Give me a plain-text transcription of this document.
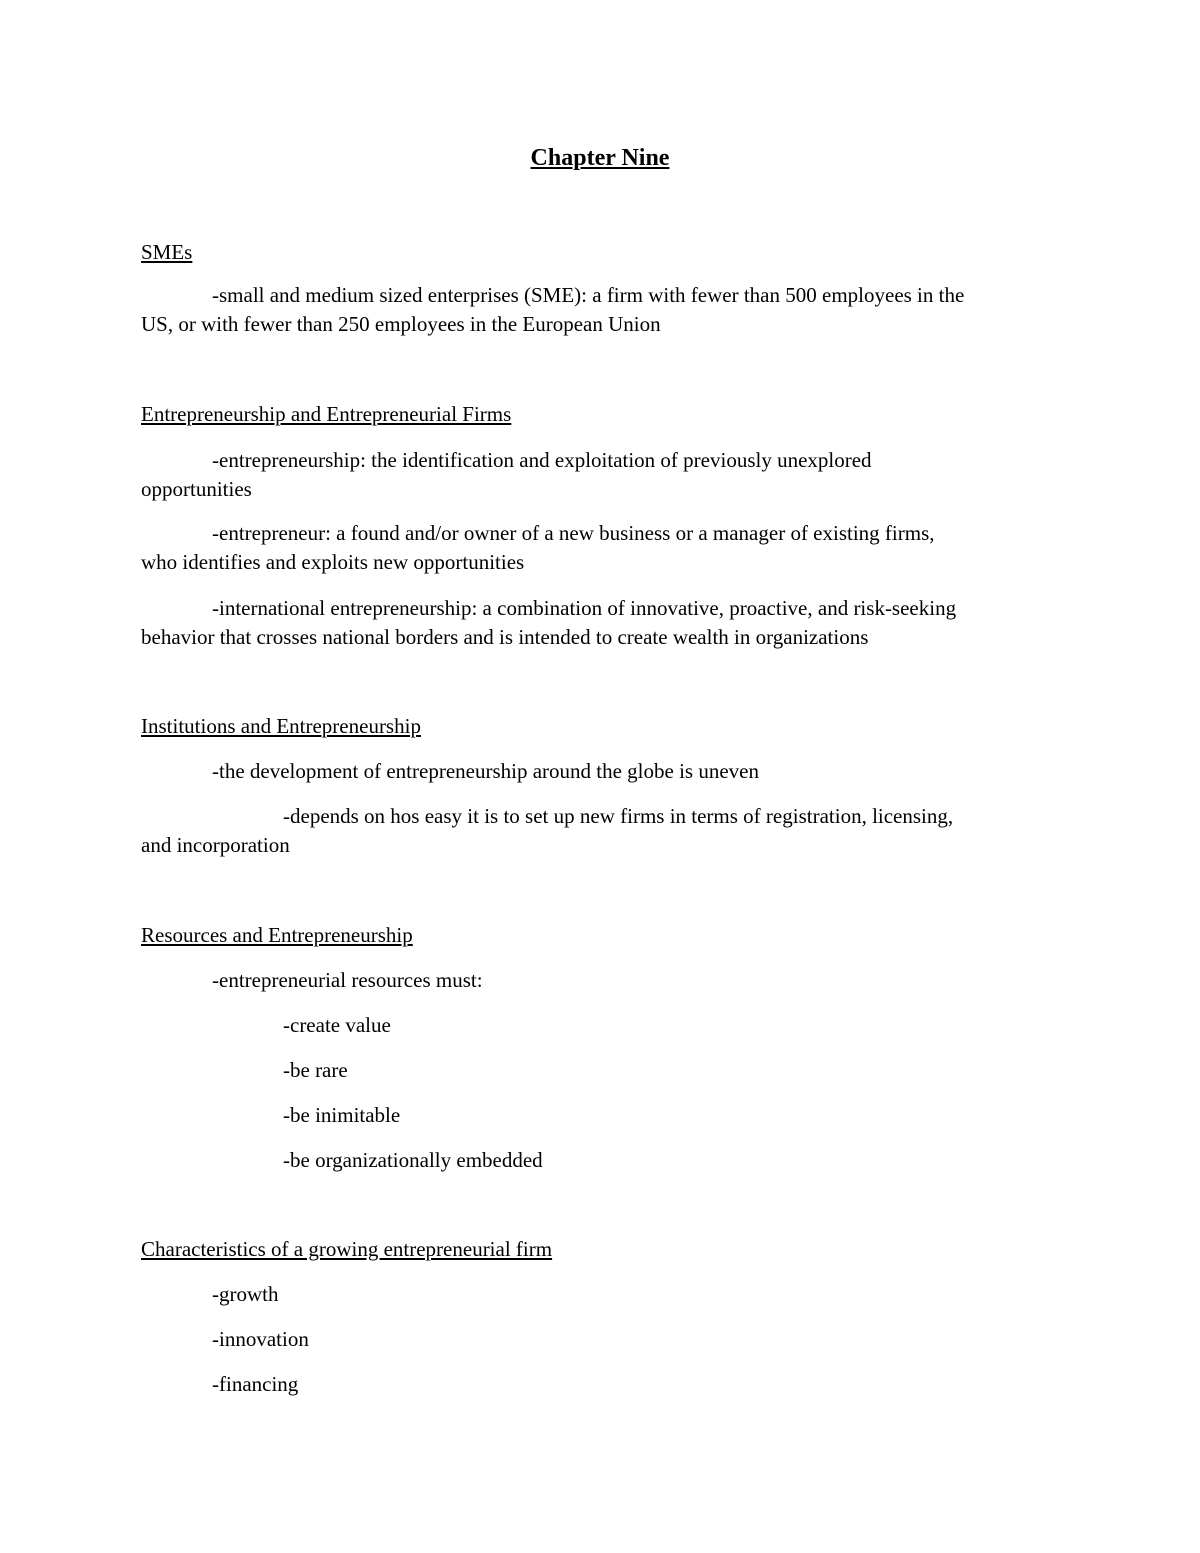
Chapter Nine
SMEs
-small and medium sized enterprises (SME): a firm with fewer than 500 employees in the
US, or with fewer than 250 employees in the European Union
Entrepreneurship and Entrepreneurial Firms
-entrepreneurship: the identification and exploitation of previously unexplored
opportunities
-entrepreneur: a found and/or owner of a new business or a manager of existing firms,
who identifies and exploits new opportunities
-international entrepreneurship: a combination of innovative, proactive, and risk-seeking
behavior that crosses national borders and is intended to create wealth in organizations
Institutions and Entrepreneurship
-the development of entrepreneurship around the globe is uneven
-depends on hos easy it is to set up new firms in terms of registration, licensing,
and incorporation
Resources and Entrepreneurship
-entrepreneurial resources must:
-create value
-be rare
-be inimitable
-be organizationally embedded
Characteristics of a growing entrepreneurial firm
-growth
-innovation
-financing
